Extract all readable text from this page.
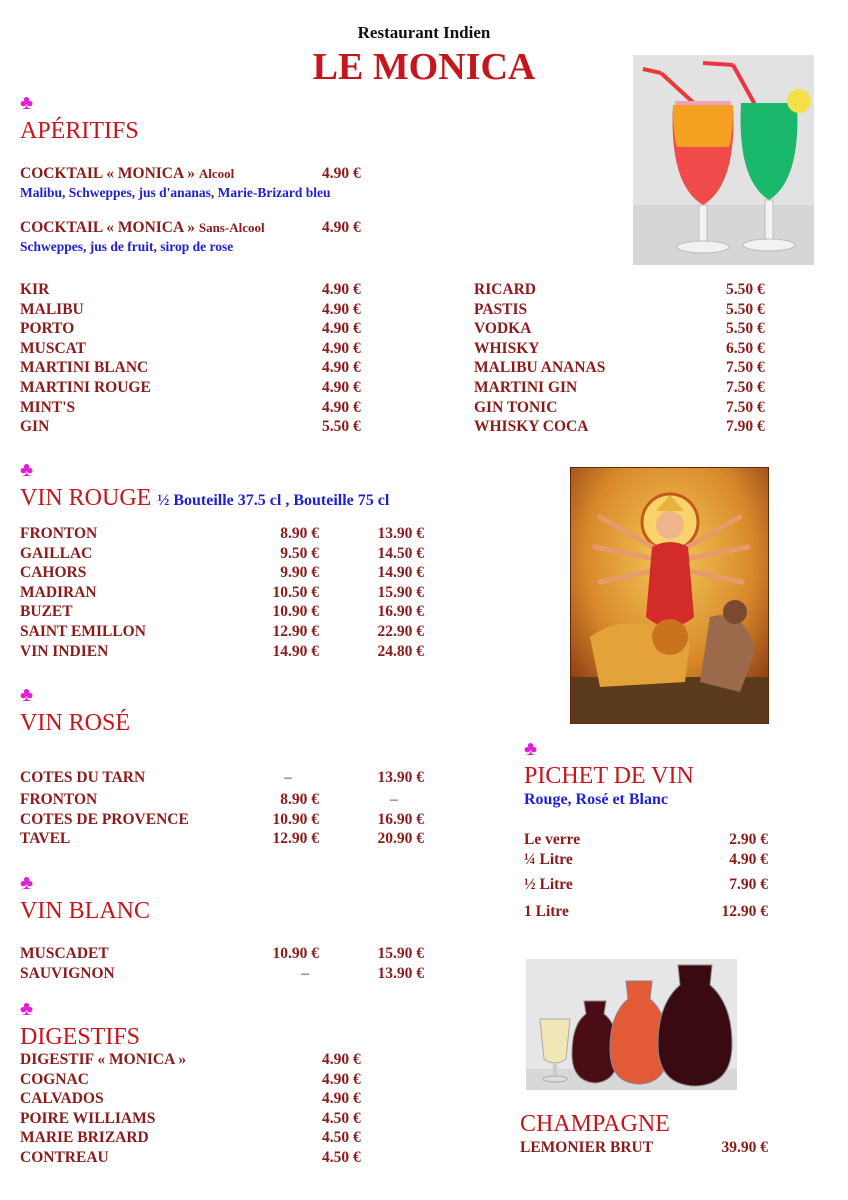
Restaurant Indien
LE MONICA
♣
APÉRITIFS
COCKTAIL « MONICA » Alcool	4.90 €
Malibu, Schweppes, jus d'ananas, Marie-Brizard bleu
COCKTAIL « MONICA » Sans-Alcool	4.90 €
Schweppes, jus de fruit, sirop de rose
KIR	4.90 €
MALIBU	4.90 €
PORTO	4.90 €
MUSCAT	4.90 €
MARTINI BLANC	4.90 €
MARTINI ROUGE	4.90 €
MINT'S	4.90 €
GIN	5.50 €
RICARD	5.50 €
PASTIS	5.50 €
VODKA	5.50 €
WHISKY	6.50 €
MALIBU ANANAS	7.50 €
MARTINI GIN	7.50 €
GIN TONIC	7.50 €
WHISKY COCA	7.90 €
♣
VIN ROUGE ½ Bouteille 37.5 cl , Bouteille 75 cl
FRONTON	8.90 €	13.90 €
GAILLAC	9.50 €	14.50 €
CAHORS	9.90 €	14.90 €
MADIRAN	10.50 €	15.90 €
BUZET	10.90 €	16.90 €
SAINT EMILLON	12.90 €	22.90 €
VIN INDIEN	14.90 €	24.80 €
♣
VIN ROSÉ
COTES DU TARN	–	13.90 €
FRONTON	8.90 €	–
COTES DE PROVENCE	10.90 €	16.90 €
TAVEL	12.90 €	20.90 €
♣
VIN BLANC
MUSCADET	10.90 €	15.90 €
SAUVIGNON	–	13.90 €
♣
DIGESTIFS
DIGESTIF « MONICA »	4.90 €
COGNAC	4.90 €
CALVADOS	4.90 €
POIRE WILLIAMS	4.50 €
MARIE BRIZARD	4.50 €
CONTREAU	4.50 €
♣
PICHET DE VIN
Rouge, Rosé et Blanc
Le verre	2.90 €
¼ Litre	4.90 €
½ Litre	7.90 €
1 Litre	12.90 €
CHAMPAGNE
LEMONIER BRUT	39.90 €
